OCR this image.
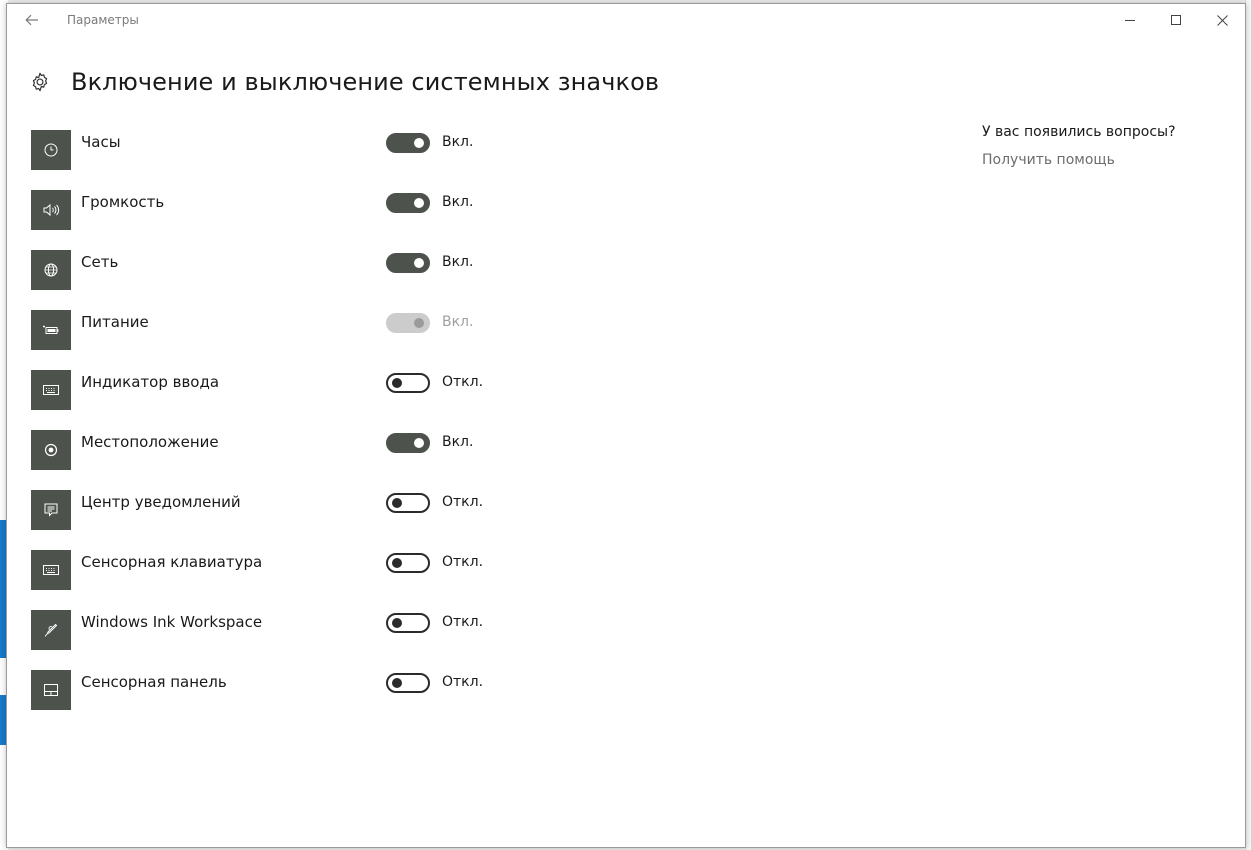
Параметры
Включение и выключение системных значков
Часы	Вкл.
Громкость	Вкл.
Сеть	Вкл.
Питание	Вкл.
Индикатор ввода	Откл.
Местоположение	Вкл.
Центр уведомлений	Откл.
Сенсорная клавиатура	Откл.
Windows Ink Workspace	Откл.
Сенсорная панель	Откл.
У вас появились вопросы?
Получить помощь
